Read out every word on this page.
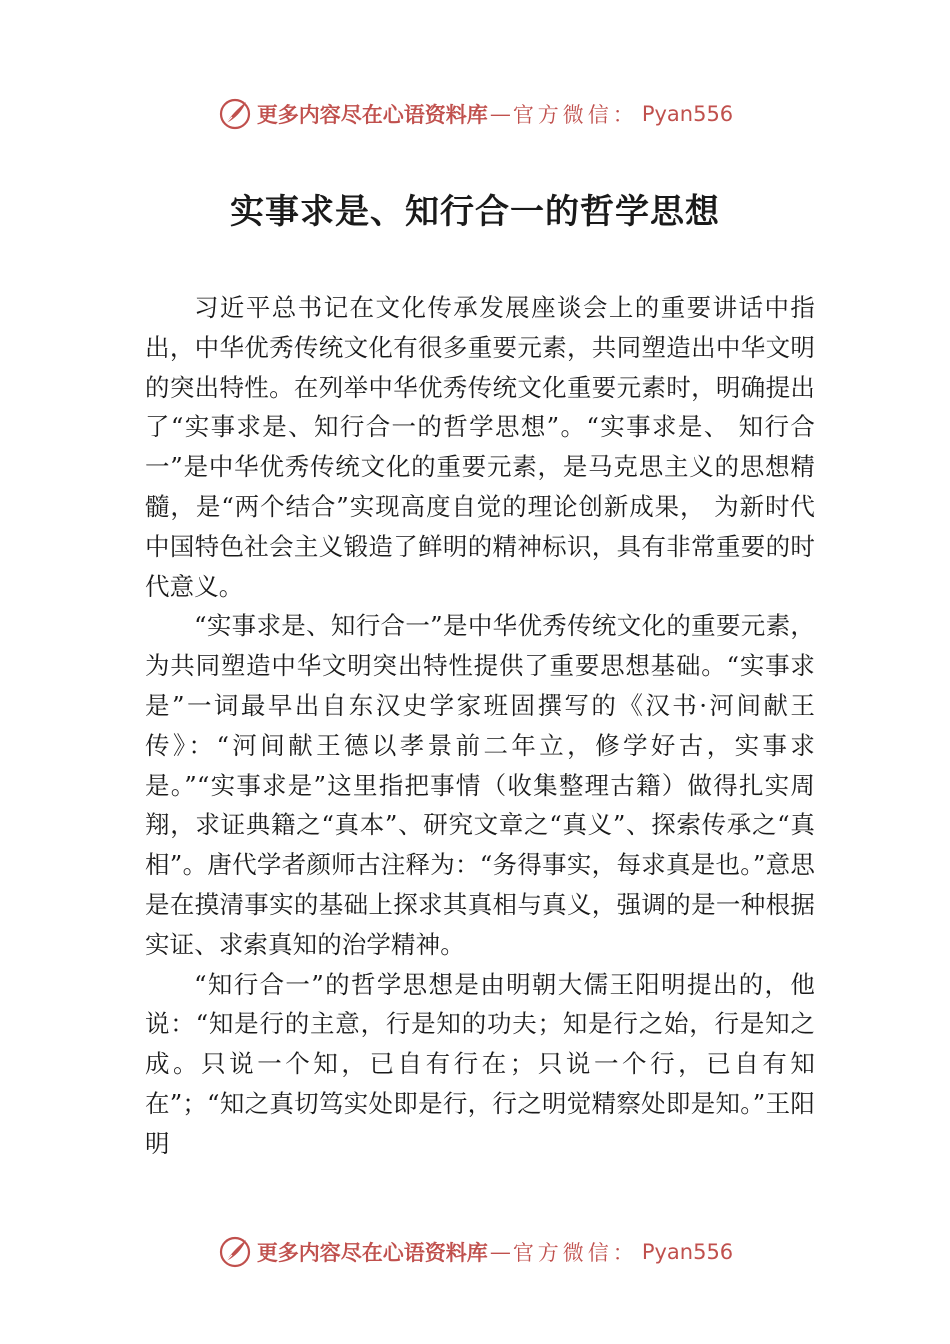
更多内容尽在心语资料库 — 官方微信： Pyan556
实事求是、知行合一的哲学思想

习近平总书记在文化传承发展座谈会上的重要讲话中指出，中华优秀传统文化有很多重要元素，共同塑造出中华文明的突出特性。在列举中华优秀传统文化重要元素时，明确提出了“实事求是、知行合一的哲学思想”。“实事求是、 知行合一”是中华优秀传统文化的重要元素，是马克思主义的思想精髓，是“两个结合”实现高度自觉的理论创新成果， 为新时代中国特色社会主义锻造了鲜明的精神标识，具有非常重要的时代意义。

“实事求是、知行合一”是中华优秀传统文化的重要元素，为共同塑造中华文明突出特性提供了重要思想基础。“实事求是”一词最早出自东汉史学家班固撰写的《汉书·河间献王传》：“河间献王德以孝景前二年立，修学好古，实事求是。”“实事求是”这里指把事情（收集整理古籍）做得扎实周翔，求证典籍之“真本”、研究文章之“真义”、探索传承之“真相”。唐代学者颜师古注释为：“务得事实，每求真是也。”意思是在摸清事实的基础上探求其真相与真义，强调的是一种根据实证、求索真知的治学精神。

“知行合一”的哲学思想是由明朝大儒王阳明提出的，他说：“知是行的主意，行是知的功夫；知是行之始，行是知之成。只说一个知，已自有行在；只说一个行，已自有知在”；“知之真切笃实处即是行，行之明觉精察处即是知。”王阳明

更多内容尽在心语资料库 — 官方微信： Pyan556
